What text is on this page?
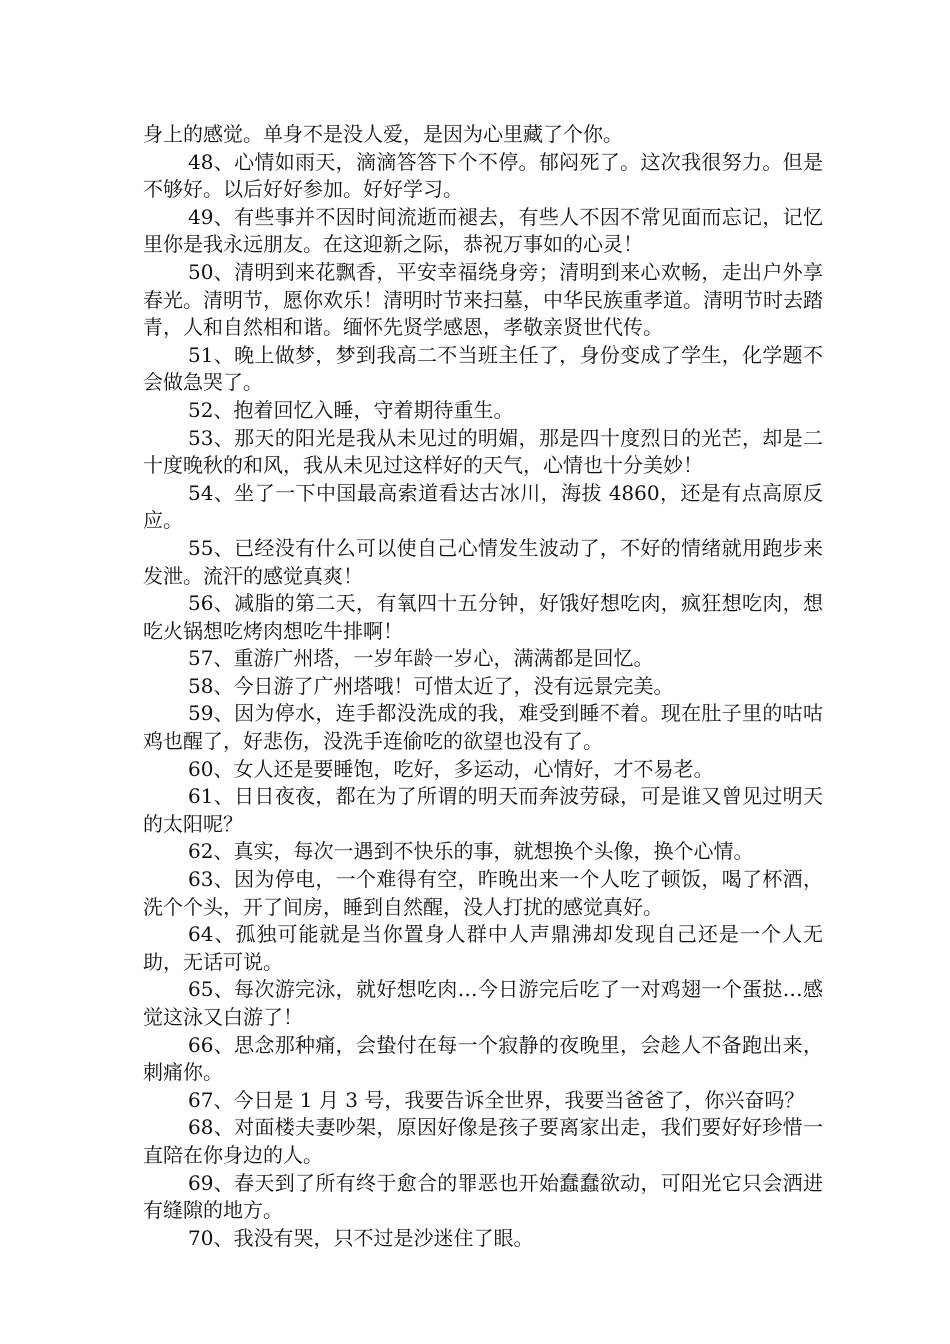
身上的感觉。单身不是没人爱，是因为心里藏了个你。

48、心情如雨天，滴滴答答下个不停。郁闷死了。这次我很努力。但是不够好。以后好好参加。好好学习。

49、有些事并不因时间流逝而褪去，有些人不因不常见面而忘记，记忆里你是我永远朋友。在这迎新之际，恭祝万事如的心灵！

50、清明到来花飘香，平安幸福绕身旁；清明到来心欢畅，走出户外享春光。清明节，愿你欢乐！清明时节来扫墓，中华民族重孝道。清明节时去踏青，人和自然相和谐。缅怀先贤学感恩，孝敬亲贤世代传。

51、晚上做梦，梦到我高二不当班主任了，身份变成了学生，化学题不会做急哭了。

52、抱着回忆入睡，守着期待重生。

53、那天的阳光是我从未见过的明媚，那是四十度烈日的光芒，却是二十度晚秋的和风，我从未见过这样好的天气，心情也十分美妙！

54、坐了一下中国最高索道看达古冰川，海拔 4860，还是有点高原反应。

55、已经没有什么可以使自己心情发生波动了，不好的情绪就用跑步来发泄。流汗的感觉真爽！

56、减脂的第二天，有氧四十五分钟，好饿好想吃肉，疯狂想吃肉，想吃火锅想吃烤肉想吃牛排啊！

57、重游广州塔，一岁年龄一岁心，满满都是回忆。

58、今日游了广州塔哦！可惜太近了，没有远景完美。

59、因为停水，连手都没洗成的我，难受到睡不着。现在肚子里的咕咕鸡也醒了，好悲伤，没洗手连偷吃的欲望也没有了。

60、女人还是要睡饱，吃好，多运动，心情好，才不易老。

61、日日夜夜，都在为了所谓的明天而奔波劳碌，可是谁又曾见过明天的太阳呢？

62、真实，每次一遇到不快乐的事，就想换个头像，换个心情。

63、因为停电，一个难得有空，昨晚出来一个人吃了顿饭，喝了杯酒，洗个个头，开了间房，睡到自然醒，没人打扰的感觉真好。

64、孤独可能就是当你置身人群中人声鼎沸却发现自己还是一个人无助，无话可说。

65、每次游完泳，就好想吃肉…今日游完后吃了一对鸡翅一个蛋挞…感觉这泳又白游了！

66、思念那种痛，会蛰付在每一个寂静的夜晚里，会趁人不备跑出来，刺痛你。

67、今日是 1 月 3 号，我要告诉全世界，我要当爸爸了，你兴奋吗？

68、对面楼夫妻吵架，原因好像是孩子要离家出走，我们要好好珍惜一直陪在你身边的人。

69、春天到了所有终于愈合的罪恶也开始蠢蠢欲动，可阳光它只会洒进有缝隙的地方。

70、我没有哭，只不过是沙迷住了眼。
